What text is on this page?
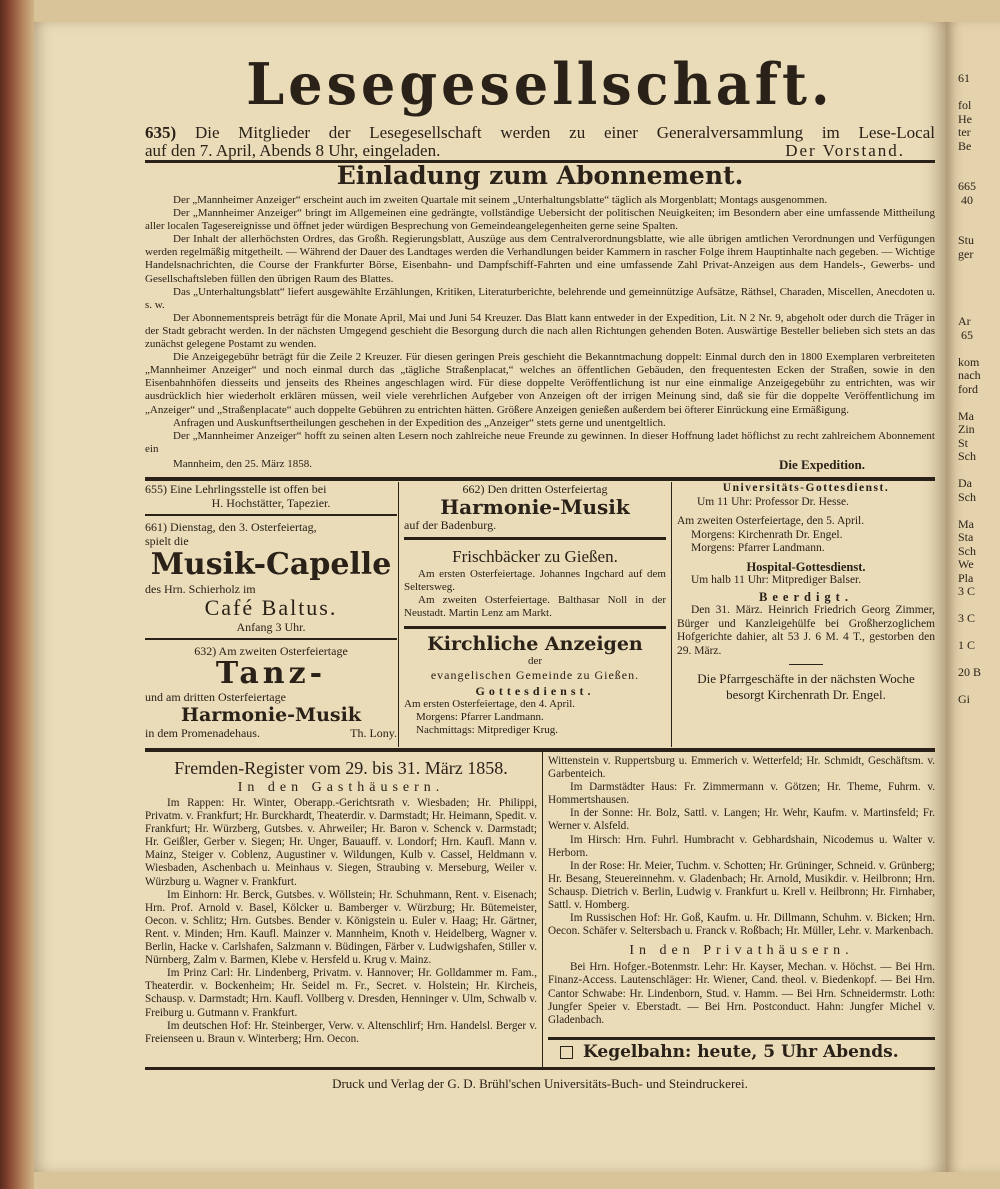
61

fol
He
ter
Be

665
40

Stu
ger

Ar
65

kom
nach
ford

Ma
Zin
St
Sch

Da
Sch

Ma
Sta
Sch
We
Pla
3 C

3 C

1 C

20 B

Gi
Lesegesellschaft.
635) Die Mitglieder der Lesegesellschaft werden zu einer Generalversammlung im Lese-Local
auf den 7. April, Abends 8 Uhr, eingeladen.	Der Vorstand.
Einladung zum Abonnement.

Der „Mannheimer Anzeiger“ erscheint auch im zweiten Quartale mit seinem „Unterhaltungsblatte“ täglich als Morgenblatt; Montags ausgenommen.

Der „Mannheimer Anzeiger“ bringt im Allgemeinen eine gedrängte, vollständige Uebersicht der politischen Neuigkeiten; im Besondern aber eine umfassende Mittheilung aller localen Tagesereignisse und öffnet jeder würdigen Besprechung von Gemeindeangelegenheiten gerne seine Spalten.

Der Inhalt der allerhöchsten Ordres, das Großh. Regierungsblatt, Auszüge aus dem Centralverordnungsblatte, wie alle übrigen amtlichen Verordnungen und Verfügungen werden regelmäßig mitgetheilt. — Während der Dauer des Landtages werden die Verhandlungen beider Kammern in rascher Folge ihrem Hauptinhalte nach gegeben. — Wichtige Handelsnachrichten, die Course der Frankfurter Börse, Eisenbahn- und Dampfschiff-Fahrten und eine umfassende Zahl Privat-Anzeigen aus dem Handels-, Gewerbs- und Gesellschaftsleben füllen den übrigen Raum des Blattes.

Das „Unterhaltungsblatt“ liefert ausgewählte Erzählungen, Kritiken, Literaturberichte, belehrende und gemeinnützige Aufsätze, Räthsel, Charaden, Miscellen, Anecdoten u. s. w.

Der Abonnementspreis beträgt für die Monate April, Mai und Juni 54 Kreuzer. Das Blatt kann entweder in der Expedition, Lit. N 2 Nr. 9, abgeholt oder durch die Träger in der Stadt gebracht werden. In der nächsten Umgegend geschieht die Besorgung durch die nach allen Richtungen gehenden Boten. Auswärtige Besteller belieben sich stets an das zunächst gelegene Postamt zu wenden.

Die Anzeigegebühr beträgt für die Zeile 2 Kreuzer. Für diesen geringen Preis geschieht die Bekanntmachung doppelt: Einmal durch den in 1800 Exemplaren verbreiteten „Mannheimer Anzeiger“ und noch einmal durch das „tägliche Straßenplacat,“ welches an öffentlichen Gebäuden, den frequentesten Ecken der Straßen, sowie in den Eisenbahnhöfen diesseits und jenseits des Rheines angeschlagen wird. Für diese doppelte Veröffentlichung ist nur eine einmalige Anzeigegebühr zu entrichten, was wir ausdrücklich hier wiederholt erklären müssen, weil viele verehrlichen Aufgeber von Anzeigen oft der irrigen Meinung sind, daß sie für die doppelte Veröffentlichung im „Anzeiger“ und „Straßenplacate“ auch doppelte Gebühren zu entrichten hätten. Größere Anzeigen genießen außerdem bei öfterer Einrückung eine Ermäßigung.

Anfragen und Auskunftsertheilungen geschehen in der Expedition des „Anzeiger“ stets gerne und unentgeltlich.

Der „Mannheimer Anzeiger“ hofft zu seinen alten Lesern noch zahlreiche neue Freunde zu gewinnen. In dieser Hoffnung ladet höflichst zu recht zahlreichem Abonnement ein

Mannheim, den 25. März 1858.	Die Expedition.
655) Eine Lehrlingsstelle ist offen bei
H. Hochstätter, Tapezier.
661) Dienstag, den 3. Osterfeiertag,
spielt die
Musik-Capelle
des Hrn. Schierholz im
Café Baltus.
Anfang 3 Uhr.
632) Am zweiten Osterfeiertage
Tanz-
und am dritten Osterfeiertage
Harmonie-Musik
in dem Promenadehaus.	Th. Lony.
662) Den dritten Osterfeiertag
Harmonie-Musik
auf der Badenburg.
Frischbäcker zu Gießen.
Am ersten Osterfeiertage. Johannes Ingchard auf dem Seltersweg.
Am zweiten Osterfeiertage. Balthasar Noll in der Neustadt. Martin Lenz am Markt.
Kirchliche Anzeigen
der
evangelischen Gemeinde zu Gießen.
Gottesdienst.
Am ersten Osterfeiertage, den 4. April.
Morgens: Pfarrer Landmann.
Nachmittags: Mitprediger Krug.
Universitäts-Gottesdienst.
Um 11 Uhr: Professor Dr. Hesse.
Am zweiten Osterfeiertage, den 5. April.
Morgens: Kirchenrath Dr. Engel.
Morgens: Pfarrer Landmann.
Hospital-Gottesdienst.
Um halb 11 Uhr: Mitprediger Balser.
Beerdigt.
Den 31. März. Heinrich Friedrich Georg Zimmer, Bürger und Kanzleigehülfe bei Großherzoglichem Hofgerichte dahier, alt 53 J. 6 M. 4 T., gestorben den 29. März.
Die Pfarrgeschäfte in der nächsten Woche
besorgt Kirchenrath Dr. Engel.
Fremden-Register vom 29. bis 31. März 1858.
In den Gasthäusern.

Im Rappen: Hr. Winter, Oberapp.-Gerichtsrath v. Wiesbaden; Hr. Philippi, Privatm. v. Frankfurt; Hr. Burckhardt, Theaterdir. v. Darmstadt; Hr. Heimann, Spedit. v. Frankfurt; Hr. Würzberg, Gutsbes. v. Ahrweiler; Hr. Baron v. Schenck v. Darmstadt; Hr. Geißler, Gerber v. Siegen; Hr. Unger, Bauauff. v. Londorf; Hrn. Kaufl. Mann v. Mainz, Steiger v. Coblenz, Augustiner v. Wildungen, Kulb v. Cassel, Heldmann v. Wiesbaden, Aschenbach u. Meinhaus v. Siegen, Straubing v. Merseburg, Weiler v. Würzburg u. Wagner v. Frankfurt.

Im Einhorn: Hr. Berck, Gutsbes. v. Wöllstein; Hr. Schuhmann, Rent. v. Eisenach; Hrn. Prof. Arnold v. Basel, Kölcker u. Bamberger v. Würzburg; Hr. Bütemeister, Oecon. v. Schlitz; Hrn. Gutsbes. Bender v. Königstein u. Euler v. Haag; Hr. Gärtner, Rent. v. Minden; Hrn. Kaufl. Mainzer v. Mannheim, Knoth v. Heidelberg, Wagner v. Berlin, Hacke v. Carlshafen, Salzmann v. Büdingen, Färber v. Ludwigshafen, Stiller v. Nürnberg, Zalm v. Barmen, Klebe v. Hersfeld u. Krug v. Mainz.

Im Prinz Carl: Hr. Lindenberg, Privatm. v. Hannover; Hr. Golldammer m. Fam., Theaterdir. v. Bockenheim; Hr. Seidel m. Fr., Secret. v. Holstein; Hr. Kircheis, Schausp. v. Darmstadt; Hrn. Kaufl. Vollberg v. Dresden, Henninger v. Ulm, Schwalb v. Freiburg u. Gutmann v. Frankfurt.

Im deutschen Hof: Hr. Steinberger, Verw. v. Altenschlirf; Hrn. Handelsl. Berger v. Freienseen u. Braun v. Winterberg; Hrn. Oecon.

Wittenstein v. Ruppertsburg u. Emmerich v. Wetterfeld; Hr. Schmidt, Geschäftsm. v. Garbenteich.

Im Darmstädter Haus: Fr. Zimmermann v. Götzen; Hr. Theme, Fuhrm. v. Hommertshausen.

In der Sonne: Hr. Bolz, Sattl. v. Langen; Hr. Wehr, Kaufm. v. Martinsfeld; Fr. Werner v. Alsfeld.

Im Hirsch: Hrn. Fuhrl. Humbracht v. Gebhardshain, Nicodemus u. Walter v. Herborn.

In der Rose: Hr. Meier, Tuchm. v. Schotten; Hr. Grüninger, Schneid. v. Grünberg; Hr. Besang, Steuereinnehm. v. Gladenbach; Hr. Arnold, Musikdir. v. Heilbronn; Hrn. Schausp. Dietrich v. Berlin, Ludwig v. Frankfurt u. Krell v. Heilbronn; Hr. Firnhaber, Sattl. v. Homberg.

Im Russischen Hof: Hr. Goß, Kaufm. u. Hr. Dillmann, Schuhm. v. Bicken; Hrn. Oecon. Schäfer v. Seltersbach u. Franck v. Roßbach; Hr. Müller, Lehr. v. Markenbach.

In den Privathäusern.

Bei Hrn. Hofger.-Botenmstr. Lehr: Hr. Kayser, Mechan. v. Höchst. — Bei Hrn. Finanz-Access. Lautenschläger: Hr. Wiener, Cand. theol. v. Biedenkopf. — Bei Hrn. Cantor Schwabe: Hr. Lindenborn, Stud. v. Hamm. — Bei Hrn. Schneidermstr. Loth: Jungfer Speier v. Eberstadt. — Bei Hrn. Postconduct. Hahn: Jungfer Michel v. Gladenbach.

Kegelbahn: heute, 5 Uhr Abends.
Druck und Verlag der G. D. Brühl'schen Universitäts-Buch- und Steindruckerei.
